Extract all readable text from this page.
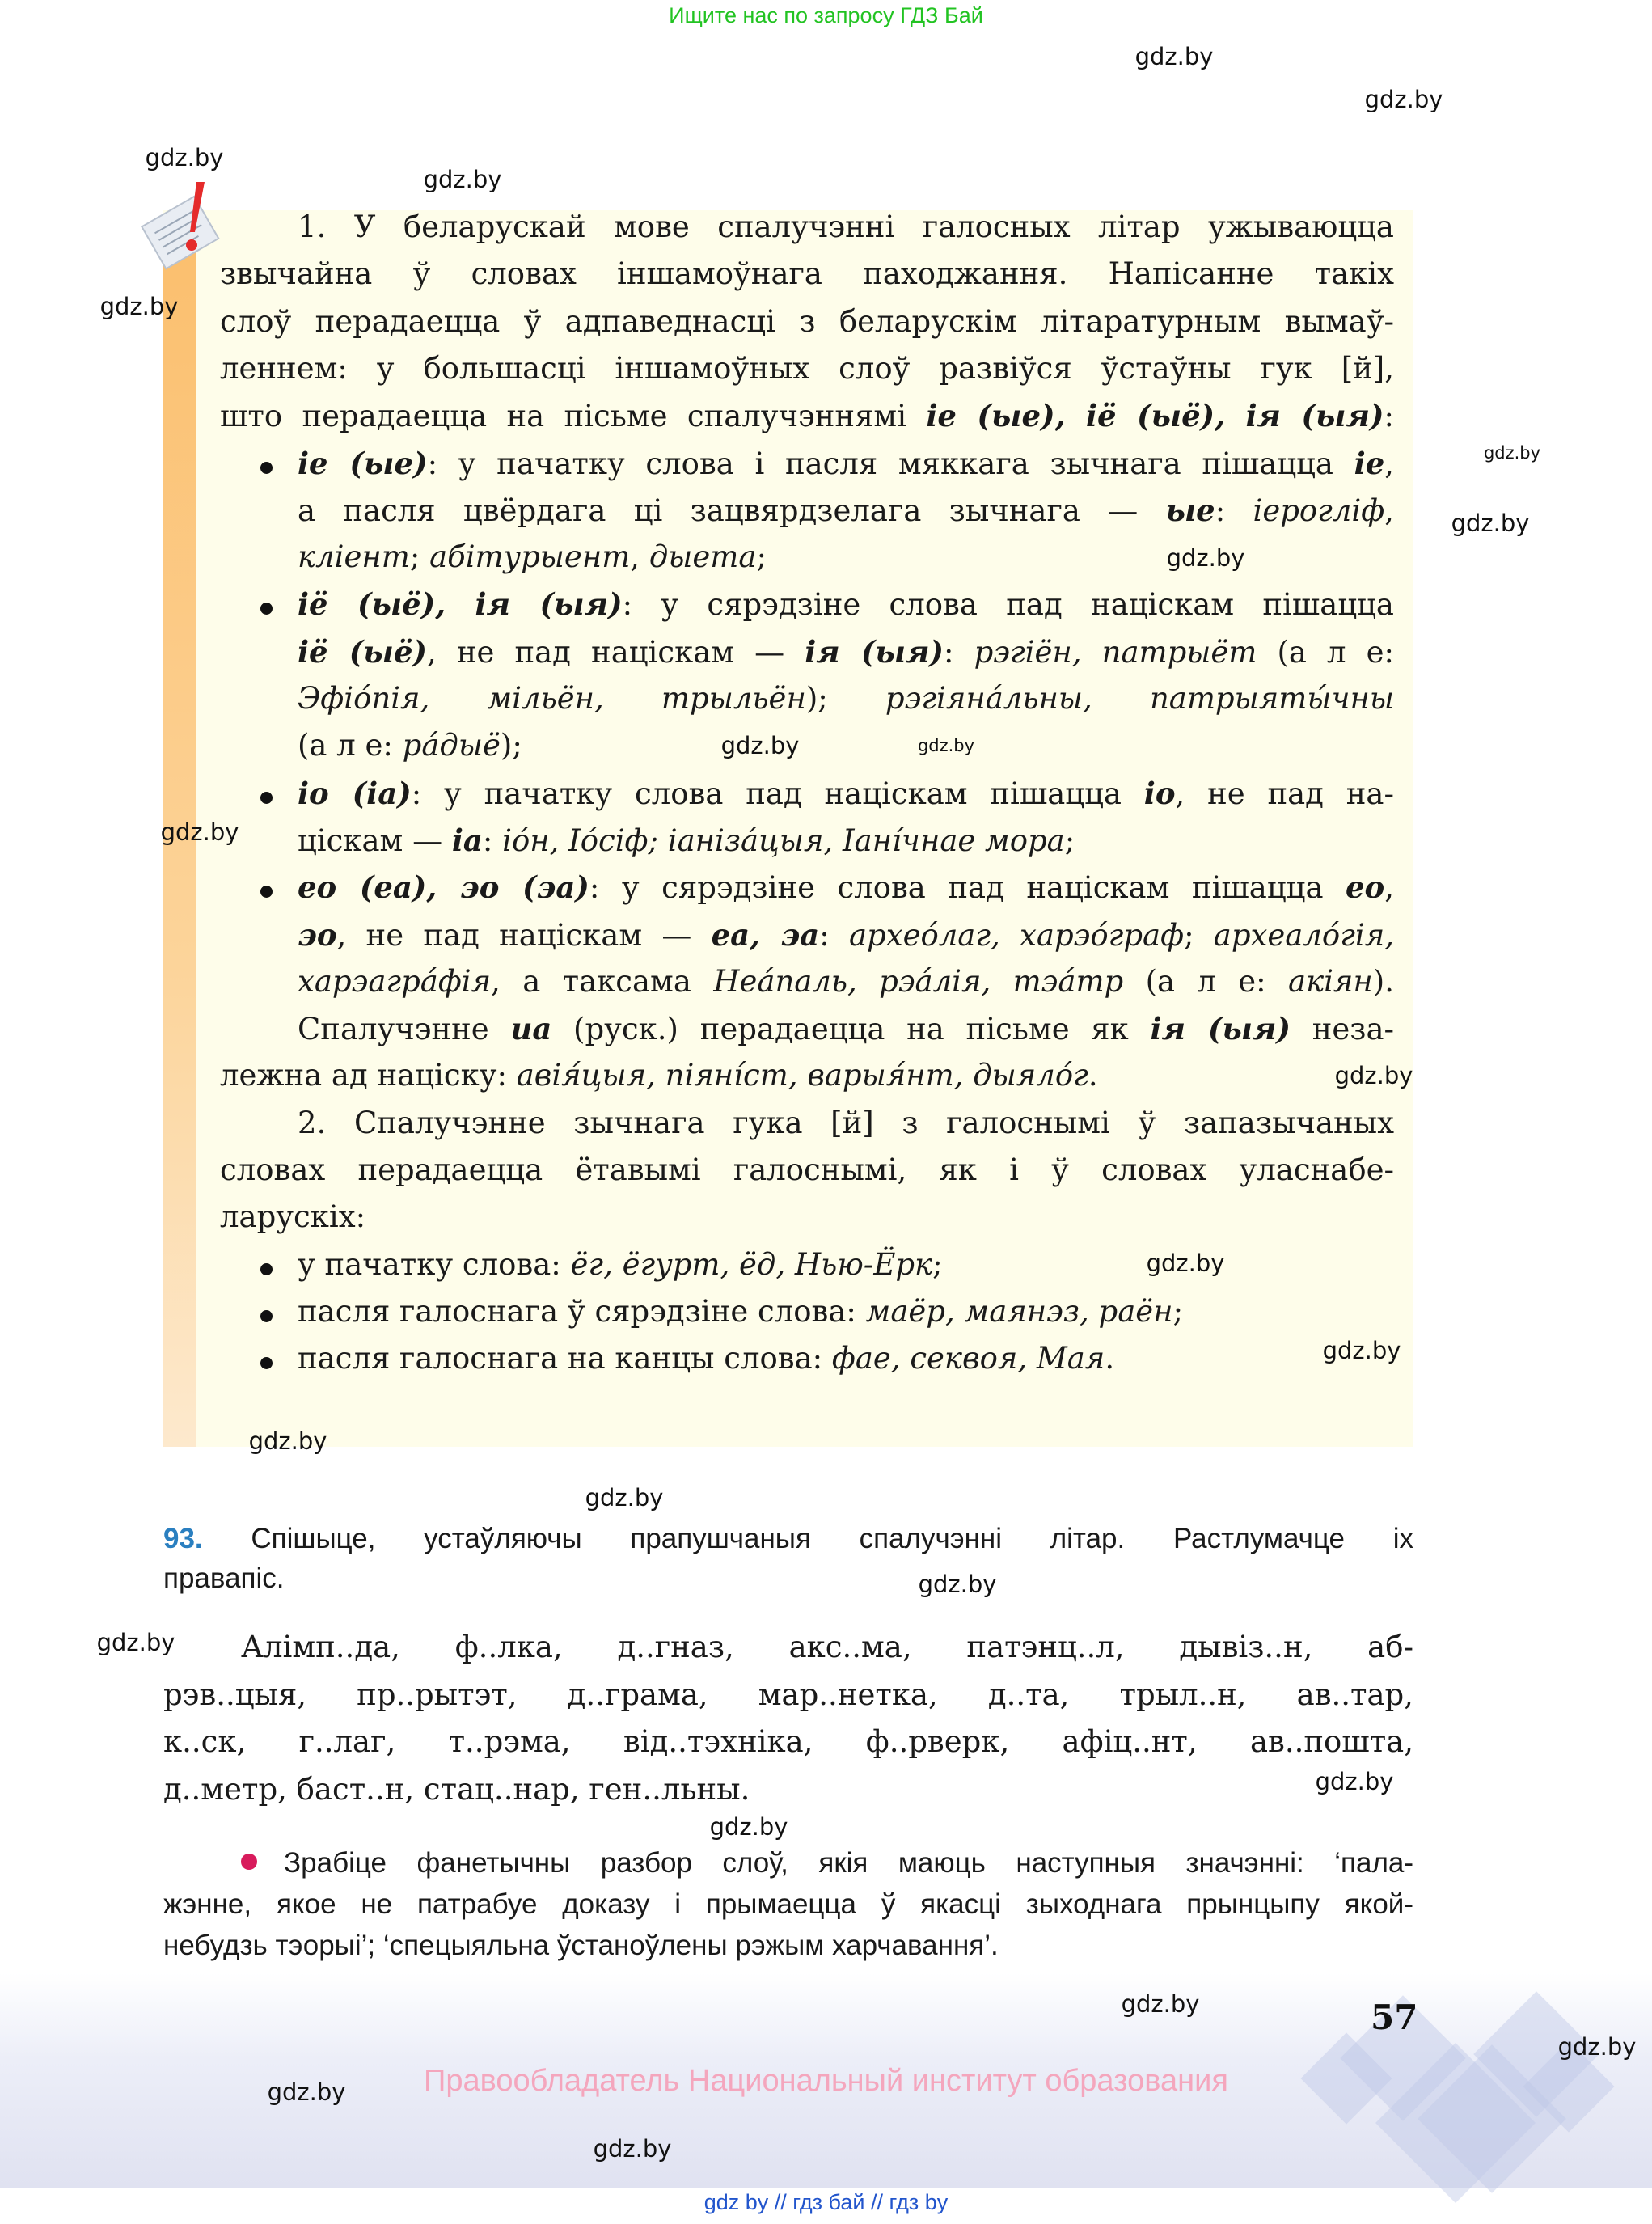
Ищите нас по запросу ГДЗ Бай
1. У беларускай мове спалучэнні галосных літар ужываюцца
звычайна ў словах іншамоўнага паходжання. Напісанне такіх
слоў перадаецца ў адпаведнасці з беларускім літаратурным вымаў-
леннем: у большасці іншамоўных слоў развіўся ўстаўны гук [й],
што перадаецца на пісьме спалучэннямі іе (ые), іё (ыё), ія (ыя):
іе (ые): у пачатку слова і пасля мяккага зычнага пішацца іе,
а пасля цвёрдага ці зацвярдзелага зычнага — ые: іерогліф,
кліент; абітурыент, дыета;
іё (ыё), ія (ыя): у сярэдзіне слова пад націскам пішацца
іё (ыё), не пад націскам — ія (ыя): рэгіён, патрыёт (а л е:
Эфіо́пія, мільён, трыльён); рэгіяна́льны, патрыяты́чны
(а л е: ра́дыё);
іо (іа): у пачатку слова пад націскам пішацца іо, не пад на-
цiскам — іа: іо́н, Іо́сіф; іаніза́цыя, Іані́чнае мора;
ео (еа), эо (эа): у сярэдзіне слова пад націскам пішацца ео,
эо, не пад націскам — еа, эа: архео́лаг, харэо́граф; археало́гія,
харэагра́фія, а таксама Неа́паль, рэа́лія, тэа́тр (а л е: акіян).
Спалучэнне иа (руск.) перадаецца на пісьме як ія (ыя) неза-
лежна ад націску: авія́цыя, піяні́ст, варыя́нт, дыяло́г.
2. Спалучэнне зычнага гука [й] з галоснымі ў запазычаных
словах перадаецца ётавымі галоснымі, як і ў словах уласнабе-
ларускіх:
у пачатку слова: ёг, ёгурт, ёд, Нью-Ёрк;
пасля галоснага ў сярэдзіне слова: маёр, маянэз, раён;
пасля галоснага на канцы слова: фае, секвоя, Мая.
93. Спішыце, устаўляючы прапушчаныя спалучэнні літар. Растлумачце іх
правапіс.
Алімп..да, ф..лка, д..гназ, акс..ма, патэнц..л, дывіз..н, аб-
рэв..цыя, пр..рытэт, д..грама, мар..нетка, д..та, трыл..н, ав..тар,
к..ск, г..лаг, т..рэма, від..тэхніка, ф..рверк, афіц..нт, ав..пошта,
д..метр, баст..н, стац..нар, ген..льны.
Зрабіце фанетычны разбор слоў, якія маюць наступныя значэнні: ‘пала-
жэнне, якое не патрабуе доказу і прымаецца ў якасці зыходнага прынцыпу якой-
небудзь тэорыі’; ‘спецыяльна ўстаноўлены рэжым харчавання’.
57
Правообладатель Национальный институт образования
gdz by // гдз бай // гдз by
gdz.by
gdz.by
gdz.by
gdz.by
gdz.by
gdz.by
gdz.by
gdz.by
gdz.by
gdz.by
gdz.by
gdz.by
gdz.by
gdz.by
gdz.by
gdz.by
gdz.by
gdz.by
gdz.by
gdz.by
gdz.by
gdz.by
gdz.by
gdz.by
